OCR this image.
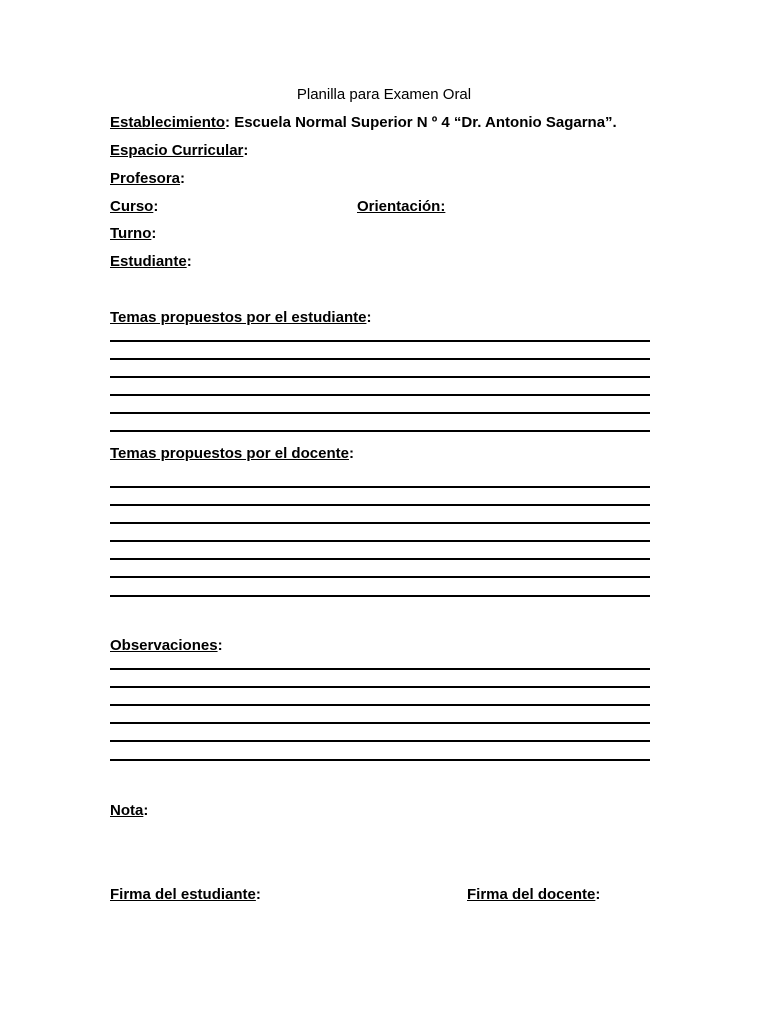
Planilla para Examen Oral
Establecimiento: Escuela Normal Superior N º 4 “Dr. Antonio Sagarna”.
Espacio Curricular:
Profesora:
Curso:	Orientación:
Turno:
Estudiante:
Temas propuestos por el estudiante:
Temas propuestos por el docente:
Observaciones:
Nota:
Firma del estudiante:	Firma del docente:
